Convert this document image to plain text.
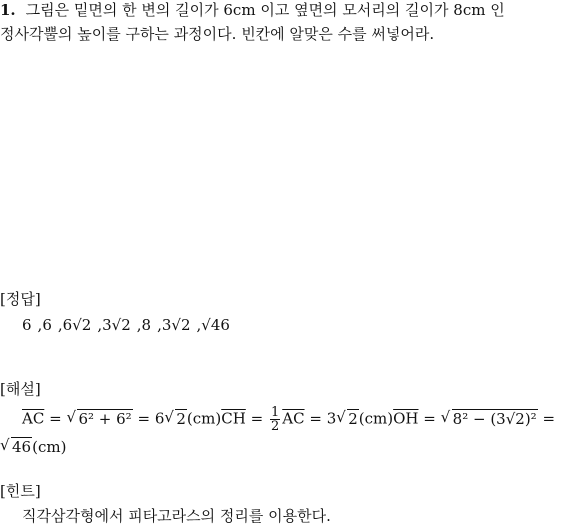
1. 그림은 밑면의 한 변의 길이가 6cm 이고 옆면의 모서리의 길이가 8cm 인
정사각뿔의 높이를 구하는 과정이다. 빈칸에 알맞은 수를 써넣어라.
[정답]
6 ,6 ,6√2 ,3√2 ,8 ,3√2 ,√46
[해설]
$\overline{AC}$ = √ 6² + 6² = 6 √ $2(cm)\overline{CH} = \frac{1}{2} \overline{AC} = 3$ √ $2(cm)\overline{OH}$ = √ 8² − (3√2)² =
√ 46(cm)
[힌트]
직각삼각형에서 피타고라스의 정리를 이용한다.
